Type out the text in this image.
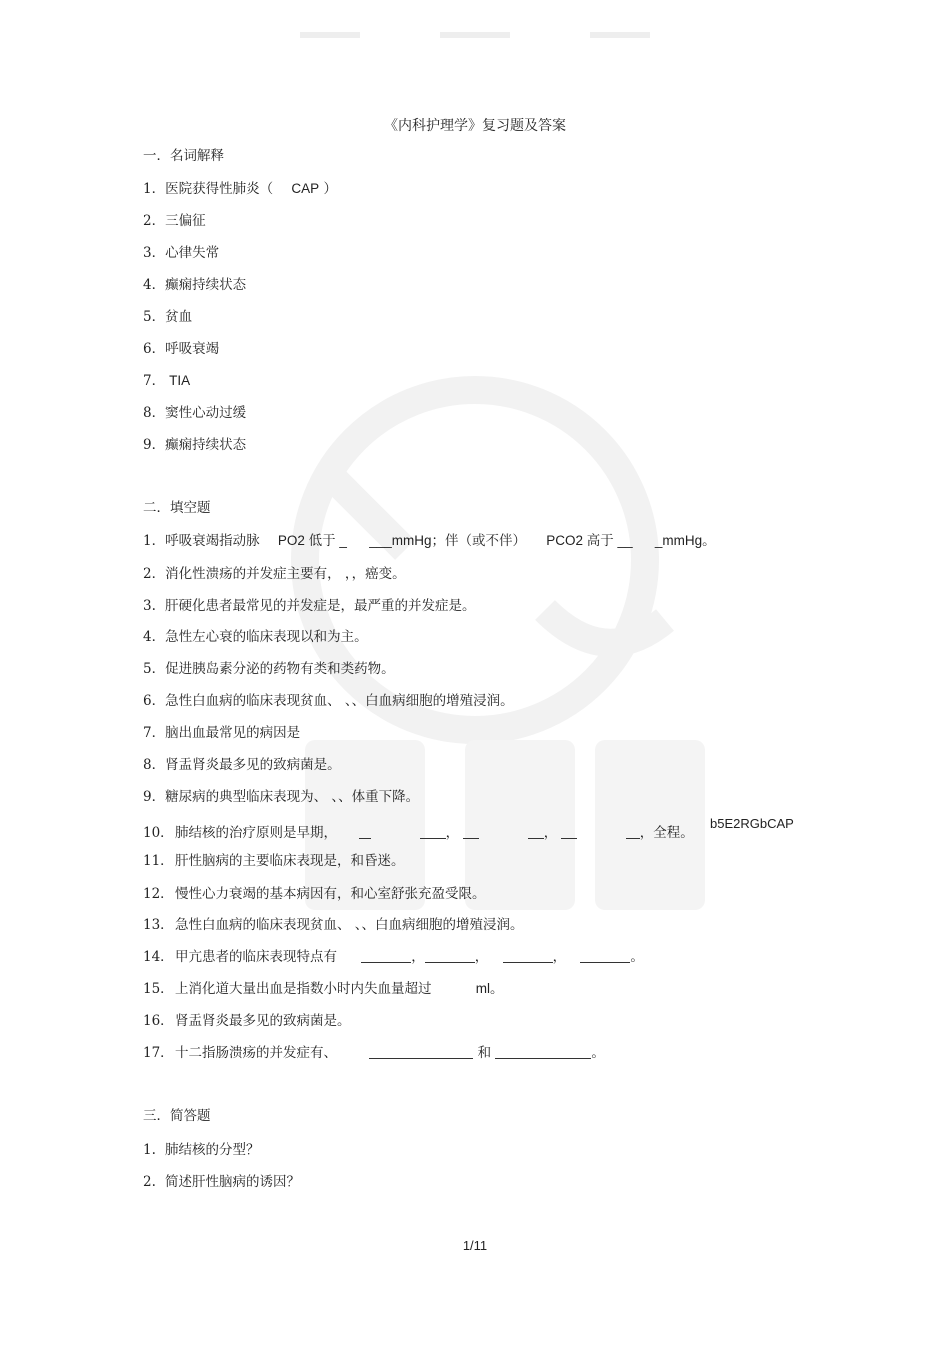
《内科护理学》复习题及答案
一．名词解释
1．医院获得性肺炎（ CAP ）
2．三偏征
3．心律失常
4．癫痫持续状态
5．贫血
6．呼吸衰竭
7． TIA
8．窦性心动过缓
9．癫痫持续状态
二．填空题
1．呼吸衰竭指动脉 PO2 低于 _ ___mmHg；伴（或不伴） PCO2 高于 __ _mmHg。
2．消化性溃疡的并发症主要有， ，，癌变。
3. 肝硬化患者最常见的并发症是，最严重的并发症是。
4．急性左心衰的临床表现以和为主。
5．促进胰岛素分泌的药物有类和类药物。
6．急性白血病的临床表现贫血、 、、白血病细胞的增殖浸润。
7．脑出血最常见的病因是
8．肾盂肾炎最多见的致病菌是。
9．糖尿病的典型临床表现为、 、、体重下降。
10．肺结核的治疗原则是早期，	，	，	，全程。
b5E2RGbCAP
11．肝性脑病的主要临床表现是，和昏迷。
12．慢性心力衰竭的基本病因有，和心室舒张充盈受限。
13．急性白血病的临床表现贫血、 、、白血病细胞的增殖浸润。
14．甲亢患者的临床表现特点有	，	，	，	。
15．上消化道大量出血是指数小时内失血量超过	ml。
16．肾盂肾炎最多见的致病菌是。
17．十二指肠溃疡的并发症有、	和	。
三．简答题
1. 肺结核的分型？
2. 简述肝性脑病的诱因？
1/11
